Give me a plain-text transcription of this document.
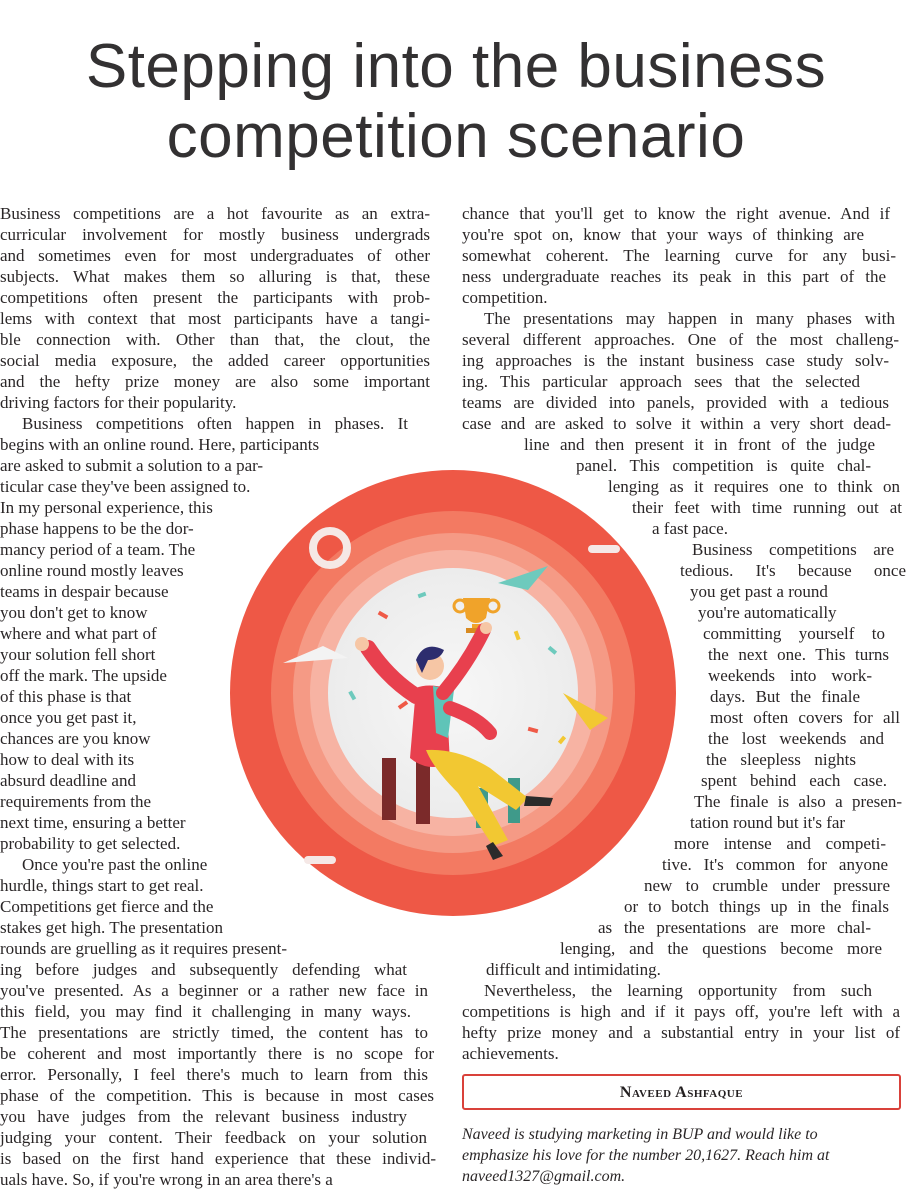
Stepping into the business competition scenario
Business competitions are a hot favourite as an extra-
curricular involvement for mostly business undergrads
and sometimes even for most undergraduates of other
subjects. What makes them so alluring is that, these
competitions often present the participants with prob-
lems with context that most participants have a tangi-
ble connection with. Other than that, the clout, the
social media exposure, the added career opportunities
and the hefty prize money are also some important
driving factors for their popularity.
Business competitions often happen in phases. It
begins with an online round. Here, participants
are asked to submit a solution to a par-
ticular case they've been assigned to.
In my personal experience, this
phase happens to be the dor-
mancy period of a team. The
online round mostly leaves
teams in despair because
you don't get to know
where and what part of
your solution fell short
off the mark. The upside
of this phase is that
once you get past it,
chances are you know
how to deal with its
absurd deadline and
requirements from the
next time, ensuring a better
probability to get selected.
Once you're past the online
hurdle, things start to get real.
Competitions get fierce and the
stakes get high. The presentation
rounds are gruelling as it requires present-
ing before judges and subsequently defending what
you've presented. As a beginner or a rather new face in
this field, you may find it challenging in many ways.
The presentations are strictly timed, the content has to
be coherent and most importantly there is no scope for
error. Personally, I feel there's much to learn from this
phase of the competition. This is because in most cases
you have judges from the relevant business industry
judging your content. Their feedback on your solution
is based on the first hand experience that these individ-
uals have. So, if you're wrong in an area there's a
chance that you'll get to know the right avenue. And if
you're spot on, know that your ways of thinking are
somewhat coherent. The learning curve for any busi-
ness undergraduate reaches its peak in this part of the
competition.
The presentations may happen in many phases with
several different approaches. One of the most challeng-
ing approaches is the instant business case study solv-
ing. This particular approach sees that the selected
teams are divided into panels, provided with a tedious
case and are asked to solve it within a very short dead-
line and then present it in front of the judge
panel. This competition is quite chal-
lenging as it requires one to think on
their feet with time running out at
a fast pace.
Business competitions are
tedious. It's because once
you get past a round
you're automatically
committing yourself to
the next one. This turns
weekends into work-
days. But the finale
most often covers for all
the lost weekends and
the sleepless nights
spent behind each case.
The finale is also a presen-
tation round but it's far
more intense and competi-
tive. It's common for anyone
new to crumble under pressure
or to botch things up in the finals
as the presentations are more chal-
lenging, and the questions become more
difficult and intimidating.
Nevertheless, the learning opportunity from such
competitions is high and if it pays off, you're left with a
hefty prize money and a substantial entry in your list of
achievements.
Naveed Ashfaque
Naveed is studying marketing in BUP and would like to
emphasize his love for the number 20,1627. Reach him at
naveed1327@gmail.com.
